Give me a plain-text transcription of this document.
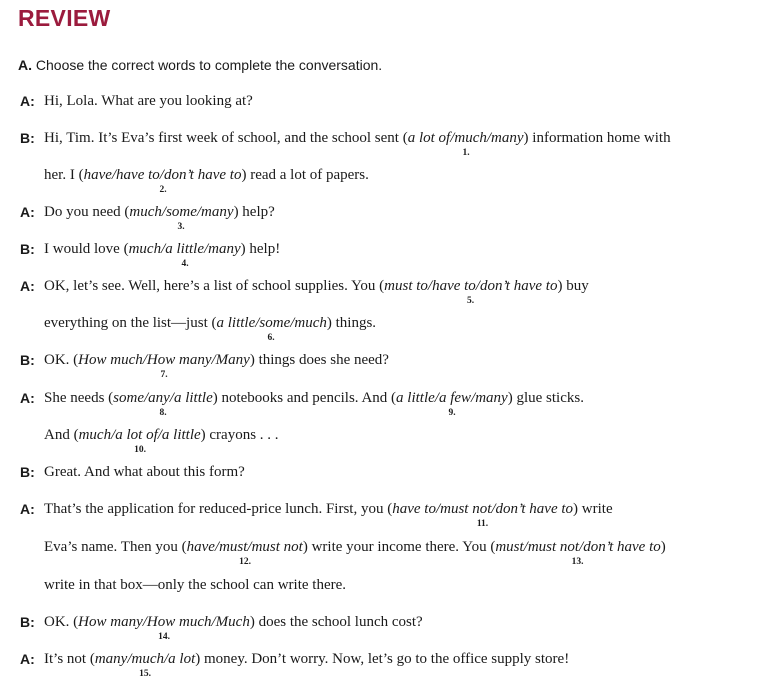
REVIEW
A. Choose the correct words to complete the conversation.
A: Hi, Lola. What are you looking at?
B: Hi, Tim. It’s Eva’s first week of school, and the school sent (a lot of/much/many) information home with
1.
her. I (have/have to/don’t have to) read a lot of papers.
2.
A: Do you need (much/some/many) help?
3.
B: I would love (much/a little/many) help!
4.
A: OK, let’s see. Well, here’s a list of school supplies. You (must to/have to/don’t have to) buy
5.
everything on the list—just (a little/some/much) things.
6.
B: OK. (How much/How many/Many) things does she need?
7.
A: She needs (some/any/a little) notebooks and pencils. And (a little/a few/many) glue sticks.
8.	9.
And (much/a lot of/a little) crayons . . .
10.
B: Great. And what about this form?
A: That’s the application for reduced-price lunch. First, you (have to/must not/don’t have to) write
11.
Eva’s name. Then you (have/must/must not) write your income there. You (must/must not/don’t have to)
12.	13.
write in that box—only the school can write there.
B: OK. (How many/How much/Much) does the school lunch cost?
14.
A: It’s not (many/much/a lot) money. Don’t worry. Now, let’s go to the office supply store!
15.
